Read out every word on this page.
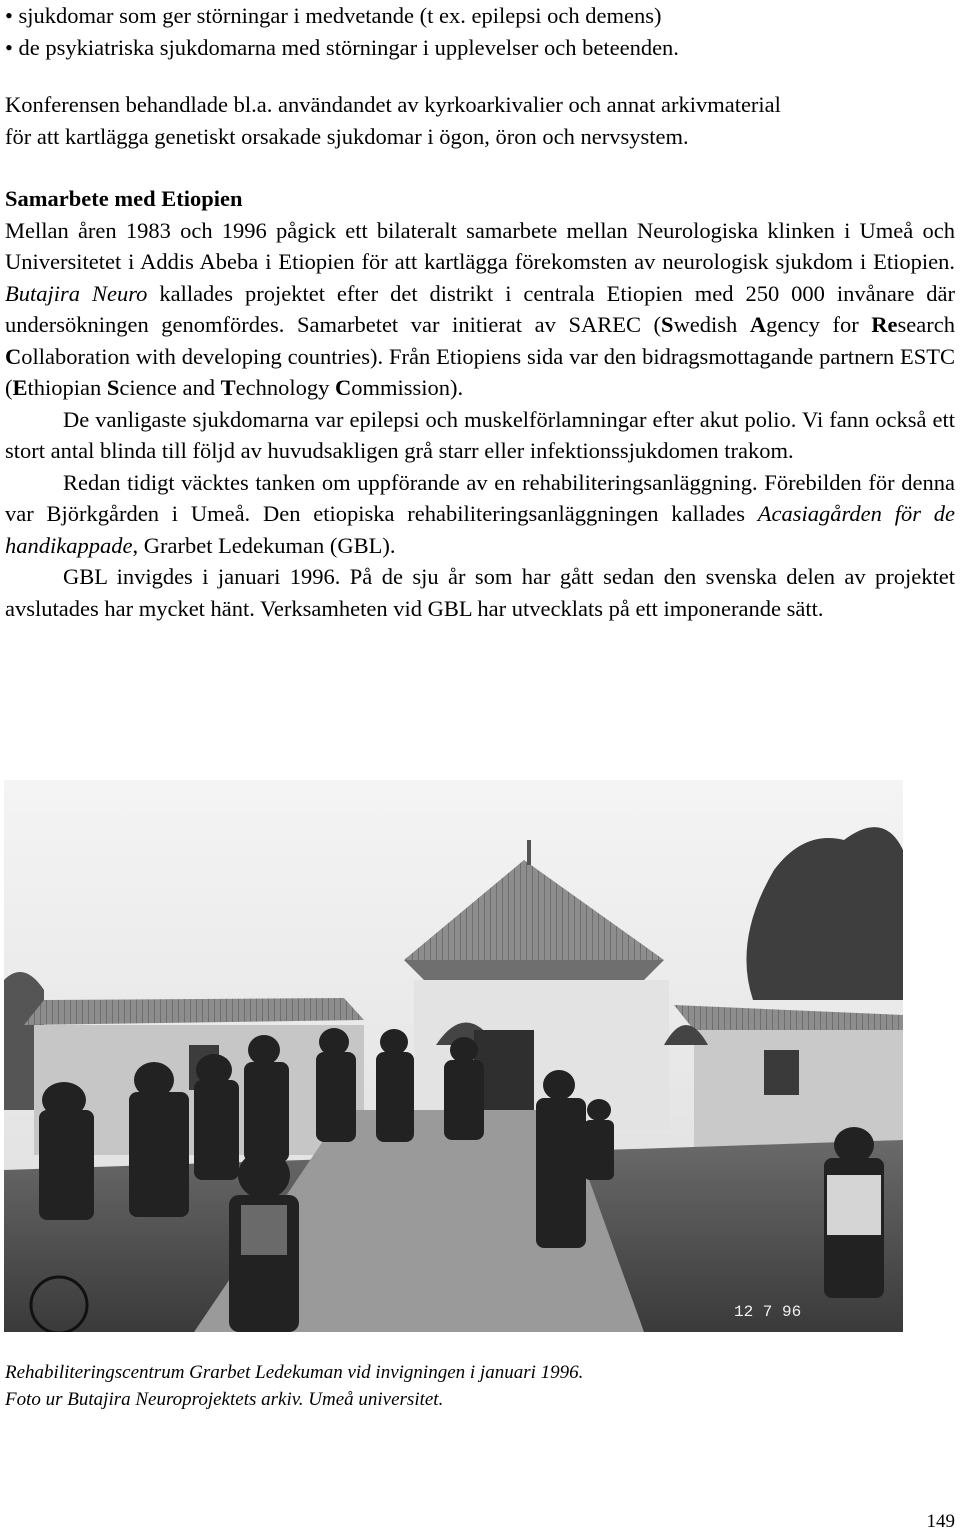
• sjukdomar som ger störningar i medvetande (t ex. epilepsi och demens)

• de psykiatriska sjukdomarna med störningar i upplevelser och beteenden.

Konferensen behandlade bl.a. användandet av kyrkoarkivalier och annat arkivmaterial

för att kartlägga genetiskt orsakade sjukdomar i ögon, öron och nervsystem.

Samarbete med Etiopien

Mellan åren 1983 och 1996 pågick ett bilateralt samarbete mellan Neurologiska klinken i Umeå och Universitetet i Addis Abeba i Etiopien för att kartlägga förekomsten av neurologisk sjukdom i Etiopien. Butajira Neuro kallades projektet efter det distrikt i centrala Etiopien med 250 000 invånare där undersökningen genomfördes. Samarbetet var initierat av SAREC (Swedish Agency for Research Collaboration with developing countries). Från Etiopiens sida var den bidragsmottagande partnern ESTC (Ethiopian Science and Technology Commission).

De vanligaste sjukdomarna var epilepsi och muskelförlamningar efter akut polio. Vi fann också ett stort antal blinda till följd av huvudsakligen grå starr eller infektionssjukdomen trakom.

Redan tidigt väcktes tanken om uppförande av en rehabiliteringsanläggning. Förebilden för denna var Björkgården i Umeå. Den etiopiska rehabiliteringsanläggningen kallades Acasiagården för de handikappade, Grarbet Ledekuman (GBL).

GBL invigdes i januari 1996. På de sju år som har gått sedan den svenska delen av projektet avslutades har mycket hänt. Verksamheten vid GBL har utvecklats på ett imponerande sätt.

12 7 96

Rehabiliteringscentrum Grarbet Ledekuman vid invigningen i januari 1996.

Foto ur Butajira Neuroprojektets arkiv. Umeå universitet.

149
